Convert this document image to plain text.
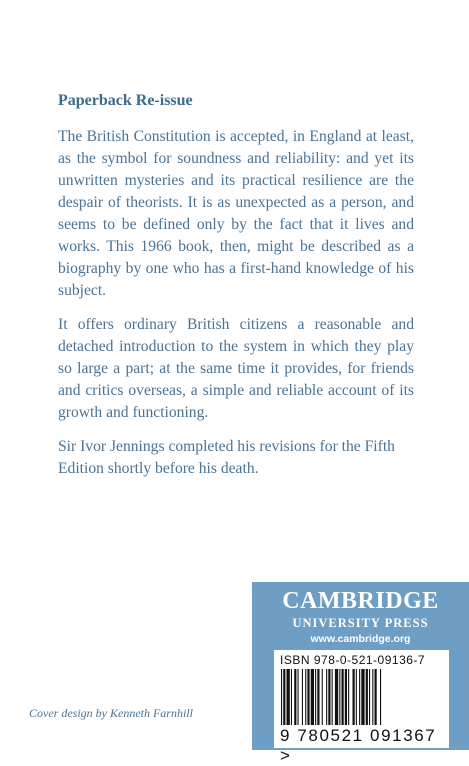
Paperback Re-issue

The British Constitution is accepted, in England at least, as the symbol for soundness and reliability: and yet its unwritten mysteries and its practical resilience are the despair of theorists. It is as unexpected as a person, and seems to be defined only by the fact that it lives and works. This 1966 book, then, might be described as a biography by one who has a first-hand knowledge of his subject.

It offers ordinary British citizens a reasonable and detached introduction to the system in which they play so large a part; at the same time it provides, for friends and critics overseas, a simple and reliable account of its growth and functioning.

Sir Ivor Jennings completed his revisions for the Fifth Edition shortly before his death.

Cover design by Kenneth Farnhill
CAMBRIDGE
UNIVERSITY PRESS
www.cambridge.org
ISBN 978-0-521-09136-7
9 780521 091367 >
